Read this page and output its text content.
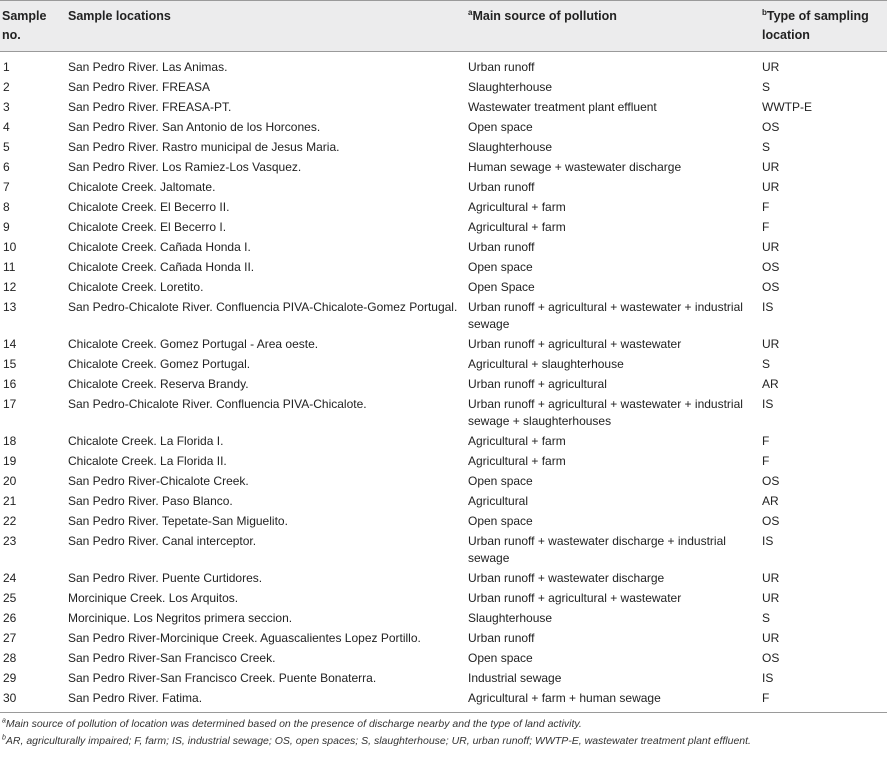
Sample no.	Sample locations	$^a$Main source of pollution	$^b$Type of sampling location
1	San Pedro River. Las Animas.	Urban runoff	UR
2	San Pedro River. FREASA	Slaughterhouse	S
3	San Pedro River. FREASA-PT.	Wastewater treatment plant effluent	WWTP-E
4	San Pedro River. San Antonio de los Horcones.	Open space	OS
5	San Pedro River. Rastro municipal de Jesus Maria.	Slaughterhouse	S
6	San Pedro River. Los Ramiez-Los Vasquez.	Human sewage + wastewater discharge	UR
7	Chicalote Creek. Jaltomate.	Urban runoff	UR
8	Chicalote Creek. El Becerro II.	Agricultural + farm	F
9	Chicalote Creek. El Becerro I.	Agricultural + farm	F
10	Chicalote Creek. Cañada Honda I.	Urban runoff	UR
11	Chicalote Creek. Cañada Honda II.	Open space	OS
12	Chicalote Creek. Loretito.	Open Space	OS
13	San Pedro-Chicalote River. Confluencia PIVA-Chicalote-Gomez Portugal.	Urban runoff + agricultural + wastewater + industrial sewage	IS
14	Chicalote Creek. Gomez Portugal - Area oeste.	Urban runoff + agricultural + wastewater	UR
15	Chicalote Creek. Gomez Portugal.	Agricultural + slaughterhouse	S
16	Chicalote Creek. Reserva Brandy.	Urban runoff + agricultural	AR
17	San Pedro-Chicalote River. Confluencia PIVA-Chicalote.	Urban runoff + agricultural + wastewater + industrial sewage + slaughterhouses	IS
18	Chicalote Creek. La Florida I.	Agricultural + farm	F
19	Chicalote Creek. La Florida II.	Agricultural + farm	F
20	San Pedro River-Chicalote Creek.	Open space	OS
21	San Pedro River. Paso Blanco.	Agricultural	AR
22	San Pedro River. Tepetate-San Miguelito.	Open space	OS
23	San Pedro River. Canal interceptor.	Urban runoff + wastewater discharge + industrial sewage	IS
24	San Pedro River. Puente Curtidores.	Urban runoff + wastewater discharge	UR
25	Morcinique Creek. Los Arquitos.	Urban runoff + agricultural + wastewater	UR
26	Morcinique. Los Negritos primera seccion.	Slaughterhouse	S
27	San Pedro River-Morcinique Creek. Aguascalientes Lopez Portillo.	Urban runoff	UR
28	San Pedro River-San Francisco Creek.	Open space	OS
29	San Pedro River-San Francisco Creek. Puente Bonaterra.	Industrial sewage	IS
30	San Pedro River. Fatima.	Agricultural + farm + human sewage	F

$^a$Main source of pollution of location was determined based on the presence of discharge nearby and the type of land activity.

$^b$AR, agriculturally impaired; F, farm; IS, industrial sewage; OS, open spaces; S, slaughterhouse; UR, urban runoff; WWTP-E, wastewater treatment plant effluent.
